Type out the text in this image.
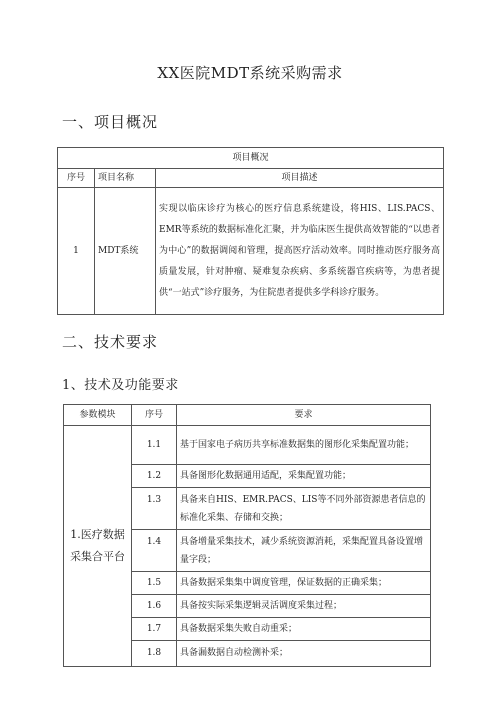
XX医院MDT系统采购需求
一、项目概况
项目概况		
序号	项目名称	项目描述
1	MDT系统	实现以临床诊疗为核心的医疗信息系统建设，将HIS、LIS.PACS、EMR等系统的数据标准化汇聚，并为临床医生提供高效智能的“以患者为中心”的数据调阅和管理，提高医疗活动效率。同时推动医疗服务高质量发展，针对肿瘤、疑难复杂疾病、多系统器官疾病等，为患者提供“一站式”诊疗服务，为住院患者提供多学科诊疗服务。
二、技术要求
1、技术及功能要求
参数模块	序号	要求
1.医疗数据采集合平台	1.1	基于国家电子病历共享标准数据集的图形化采集配置功能；
	1.2	具备图形化数据通用适配，采集配置功能；
	1.3	具备来自HIS、EMR.PACS、LIS等不同外部资源患者信息的标准化采集、存储和交换；
	1.4	具备增量采集技术，减少系统资源消耗，采集配置具备设置增量字段；
	1.5	具备数据采集集中调度管理，保证数据的正确采集；
	1.6	具备按实际采集逻辑灵活调度采集过程；
	1.7	具备数据采集失败自动重采；
	1.8	具备漏数据自动检测补采；
